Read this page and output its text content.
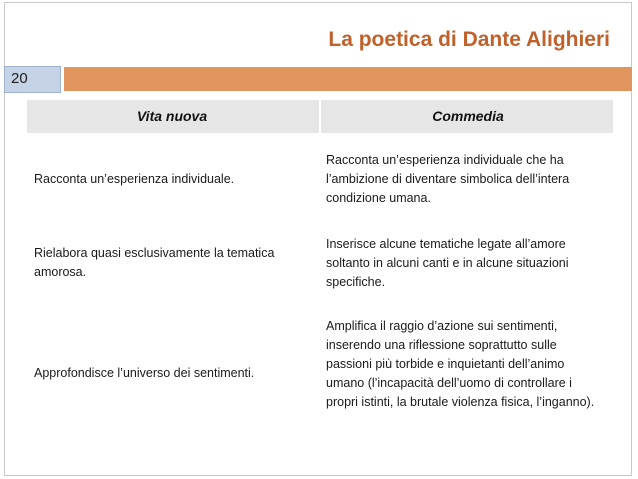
La poetica di Dante Alighieri
20
Vita nuova	Commedia
Racconta un’esperienza individuale.
Racconta un’esperienza individuale che ha l’ambizione di diventare simbolica dell’intera condizione umana.
Rielabora quasi esclusivamente la tematica amorosa.
Inserisce alcune tematiche legate all’amore soltanto in alcuni canti e in alcune situazioni specifiche.
Approfondisce l’universo dei sentimenti.
Amplifica il raggio d’azione sui sentimenti, inserendo una riflessione soprattutto sulle passioni più torbide e inquietanti dell’animo umano (l’incapacità dell’uomo di controllare i propri istinti, la brutale violenza fisica, l’inganno).
